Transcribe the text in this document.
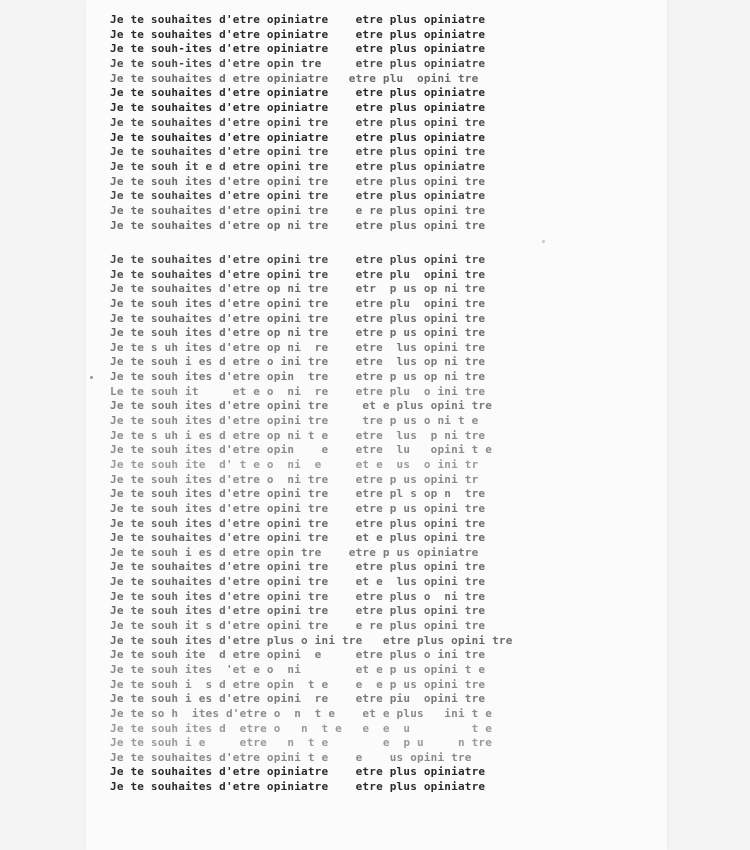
Je te souhaites d'etre opiniatre    etre plus opiniatre
Je te souhaites d'etre opiniatre    etre plus opiniatre
Je te souh-ites d'etre opiniatre    etre plus opiniatre
Je te souh-ites d'etre opin tre     etre plus opiniatre
Je te souhaites d etre opiniatre   etre plu  opini tre
Je te souhaites d'etre opiniatre    etre plus opiniatre
Je te souhaites d'etre opiniatre    etre plus opiniatre
Je te souhaites d'etre opini tre    etre plus opini tre
Je te souhaites d'etre opiniatre    etre plus opiniatre
Je te souhaites d'etre opini tre    etre plus opini tre
Je te souh it e d etre opini tre    etre plus opiniatre
Je te souh ites d'etre opini tre    etre plus opini tre
Je te souhaites d'etre opini tre    etre plus opiniatre
Je te souhaites d'etre opini tre    e re plus opini tre
Je te souhaites d'etre op ni tre    etre plus opini tre
Je te souhaites d'etre opini tre    etre plus opini tre
Je te souhaites d'etre opini tre    etre plu  opini tre
Je te souhaites d'etre op ni tre    etr  p us op ni tre
Je te souh ites d'etre opini tre    etre plu  opini tre
Je te souhaites d'etre opini tre    etre plus opini tre
Je te souh ites d'etre op ni tre    etre p us opini tre
Je te s uh ites d'etre op ni  re    etre  lus opini tre
Je te souh i es d etre o ini tre    etre  lus op ni tre
Je te souh ites d'etre opin  tre    etre p us op ni tre
Le te souh it     et e o  ni  re    etre plu  o ini tre
Je te souh ites d'etre opini tre     et e plus opini tre
Je te souh ites d'etre opini tre     tre p us o ni t e
Je te s uh i es d etre op ni t e    etre  lus  p ni tre
Je te souh ites d'etre opin    e    etre  lu   opini t e
Je te souh ite  d' t e o  ni  e     et e  us  o ini tr
Je te souh ites d'etre o  ni tre    etre p us opini tr
Je te souh ites d'etre opini tre    etre pl s op n  tre
Je te souh ites d'etre opini tre    etre p us opini tre
Je te souh ites d'etre opini tre    etre plus opini tre
Je te souhaites d'etre opini tre    et e plus opini tre
Je te souh i es d etre opin tre    etre p us opiniatre
Je te souhaites d'etre opini tre    etre plus opini tre
Je te souhaites d'etre opini tre    et e  lus opini tre
Je te souh ites d'etre opini tre    etre plus o  ni tre
Je te souh ites d'etre opini tre    etre plus opini tre
Je te souh it s d'etre opini tre    e re plus opini tre
Je te souh ites d'etre plus o ini tre   etre plus opini tre
Je te souh ite  d etre opini  e     etre plus o ini tre
Je te souh ites  'et e o  ni        et e p us opini t e
Je te souh i  s d etre opin  t e    e  e p us opini tre
Je te souh i es d'etre opini  re    etre piu  opini tre
Je te so h  ites d'etre o  n  t e    et e plus   ini t e
Je te souh ites d  etre o   n  t e   e  e  u         t e
Je te souh i e     etre   n  t e        e  p u     n tre
Je te souhaites d'etre opini t e    e    us opini tre
Je te souhaites d'etre opiniatre    etre plus opiniatre
Je te souhaites d'etre opiniatre    etre plus opiniatre
